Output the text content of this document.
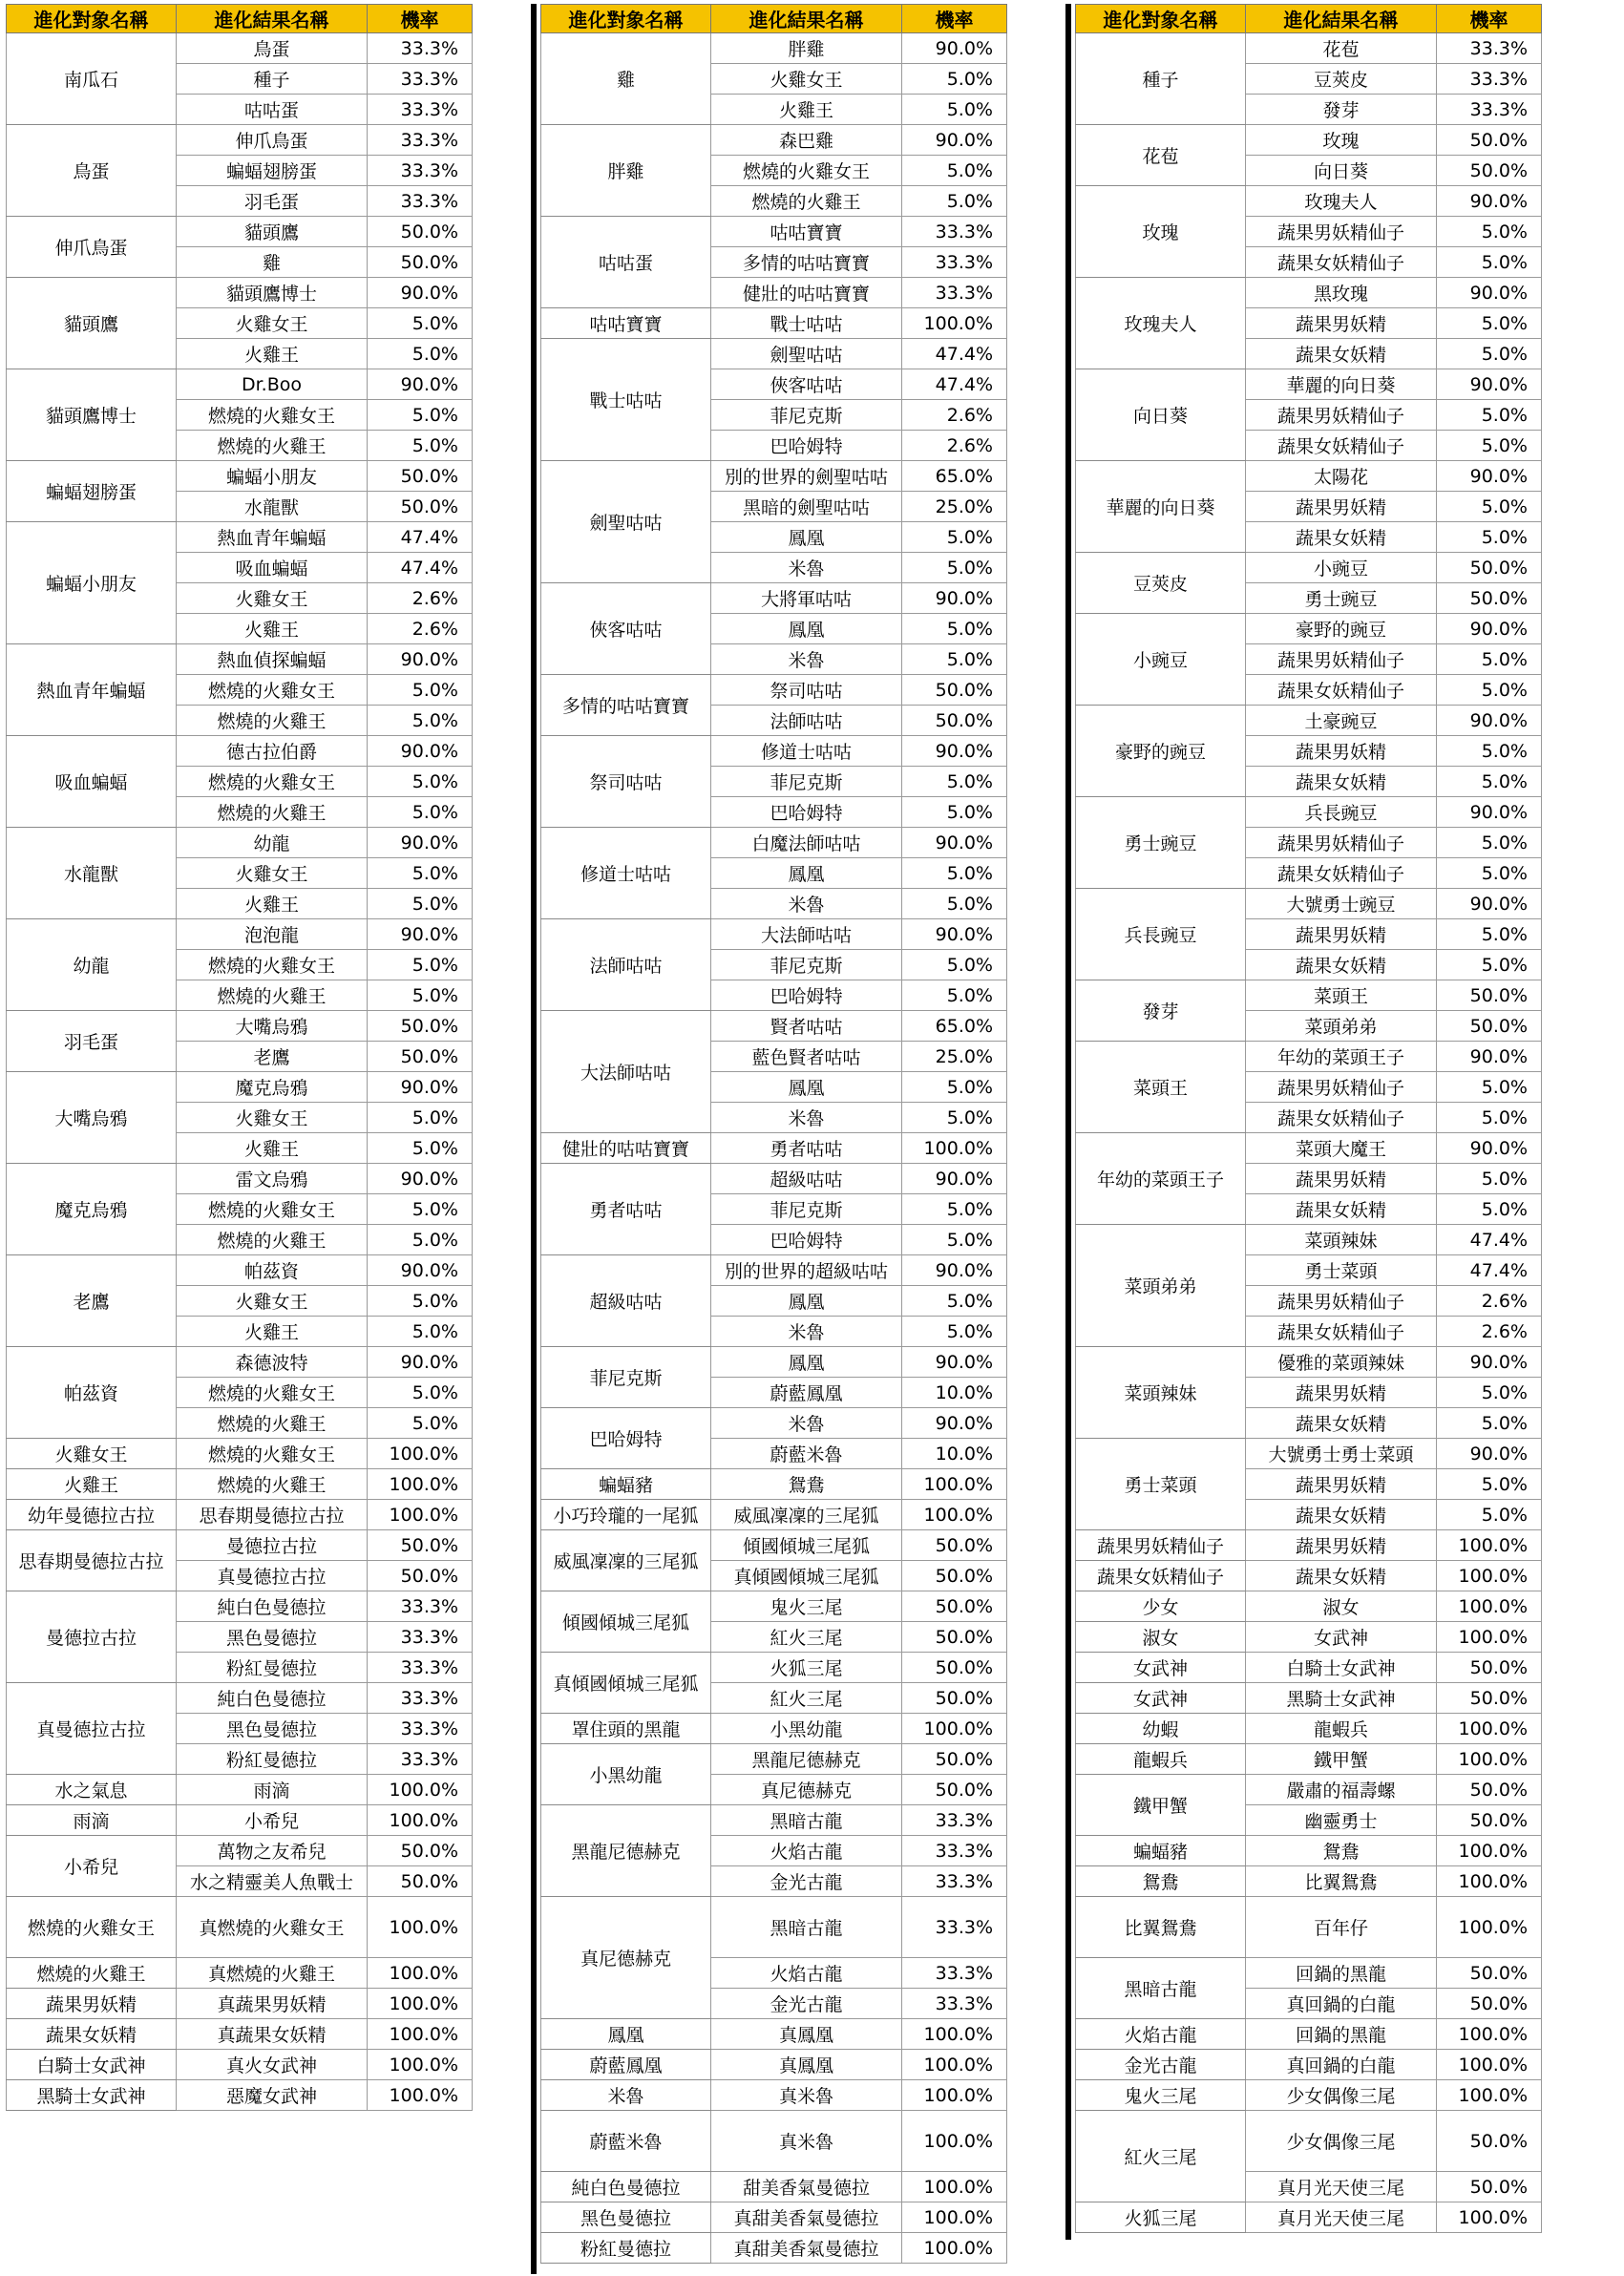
進化對象名稱	進化結果名稱	機率
南瓜石	鳥蛋	33.3%
	種子	33.3%
	咕咕蛋	33.3%
鳥蛋	伸爪鳥蛋	33.3%
	蝙蝠翅膀蛋	33.3%
	羽毛蛋	33.3%
伸爪鳥蛋	貓頭鷹	50.0%
	雞	50.0%
貓頭鷹	貓頭鷹博士	90.0%
	火雞女王	5.0%
	火雞王	5.0%
貓頭鷹博士	Dr.Boo	90.0%
	燃燒的火雞女王	5.0%
	燃燒的火雞王	5.0%
蝙蝠翅膀蛋	蝙蝠小朋友	50.0%
	水龍獸	50.0%
蝙蝠小朋友	熱血青年蝙蝠	47.4%
	吸血蝙蝠	47.4%
	火雞女王	2.6%
	火雞王	2.6%
熱血青年蝙蝠	熱血偵探蝙蝠	90.0%
	燃燒的火雞女王	5.0%
	燃燒的火雞王	5.0%
吸血蝙蝠	德古拉伯爵	90.0%
	燃燒的火雞女王	5.0%
	燃燒的火雞王	5.0%
水龍獸	幼龍	90.0%
	火雞女王	5.0%
	火雞王	5.0%
幼龍	泡泡龍	90.0%
	燃燒的火雞女王	5.0%
	燃燒的火雞王	5.0%
羽毛蛋	大嘴烏鴉	50.0%
	老鷹	50.0%
大嘴烏鴉	魔克烏鴉	90.0%
	火雞女王	5.0%
	火雞王	5.0%
魔克烏鴉	雷文烏鴉	90.0%
	燃燒的火雞女王	5.0%
	燃燒的火雞王	5.0%
老鷹	帕茲資	90.0%
	火雞女王	5.0%
	火雞王	5.0%
帕茲資	森德波特	90.0%
	燃燒的火雞女王	5.0%
	燃燒的火雞王	5.0%
火雞女王	燃燒的火雞女王	100.0%
火雞王	燃燒的火雞王	100.0%
幼年曼德拉古拉	思春期曼德拉古拉	100.0%
思春期曼德拉古拉	曼德拉古拉	50.0%
	真曼德拉古拉	50.0%
曼德拉古拉	純白色曼德拉	33.3%
	黑色曼德拉	33.3%
	粉紅曼德拉	33.3%
真曼德拉古拉	純白色曼德拉	33.3%
	黑色曼德拉	33.3%
	粉紅曼德拉	33.3%
水之氣息	雨滴	100.0%
雨滴	小希兒	100.0%
小希兒	萬物之友希兒	50.0%
	水之精靈美人魚戰士	50.0%
燃燒的火雞女王	真燃燒的火雞女王	100.0%
燃燒的火雞王	真燃燒的火雞王	100.0%
蔬果男妖精	真蔬果男妖精	100.0%
蔬果女妖精	真蔬果女妖精	100.0%
白騎士女武神	真火女武神	100.0%
黑騎士女武神	惡魔女武神	100.0%
進化對象名稱	進化結果名稱	機率
雞	胖雞	90.0%
	火雞女王	5.0%
	火雞王	5.0%
胖雞	森巴雞	90.0%
	燃燒的火雞女王	5.0%
	燃燒的火雞王	5.0%
咕咕蛋	咕咕寶寶	33.3%
	多情的咕咕寶寶	33.3%
	健壯的咕咕寶寶	33.3%
咕咕寶寶	戰士咕咕	100.0%
戰士咕咕	劍聖咕咕	47.4%
	俠客咕咕	47.4%
	菲尼克斯	2.6%
	巴哈姆特	2.6%
劍聖咕咕	別的世界的劍聖咕咕	65.0%
	黑暗的劍聖咕咕	25.0%
	鳳凰	5.0%
	米魯	5.0%
俠客咕咕	大將軍咕咕	90.0%
	鳳凰	5.0%
	米魯	5.0%
多情的咕咕寶寶	祭司咕咕	50.0%
	法師咕咕	50.0%
祭司咕咕	修道士咕咕	90.0%
	菲尼克斯	5.0%
	巴哈姆特	5.0%
修道士咕咕	白魔法師咕咕	90.0%
	鳳凰	5.0%
	米魯	5.0%
法師咕咕	大法師咕咕	90.0%
	菲尼克斯	5.0%
	巴哈姆特	5.0%
大法師咕咕	賢者咕咕	65.0%
	藍色賢者咕咕	25.0%
	鳳凰	5.0%
	米魯	5.0%
健壯的咕咕寶寶	勇者咕咕	100.0%
勇者咕咕	超級咕咕	90.0%
	菲尼克斯	5.0%
	巴哈姆特	5.0%
超級咕咕	別的世界的超級咕咕	90.0%
	鳳凰	5.0%
	米魯	5.0%
菲尼克斯	鳳凰	90.0%
	蔚藍鳳凰	10.0%
巴哈姆特	米魯	90.0%
	蔚藍米魯	10.0%
蝙蝠豬	鴛鴦	100.0%
小巧玲瓏的一尾狐	威風凜凜的三尾狐	100.0%
威風凜凜的三尾狐	傾國傾城三尾狐	50.0%
	真傾國傾城三尾狐	50.0%
傾國傾城三尾狐	鬼火三尾	50.0%
	紅火三尾	50.0%
真傾國傾城三尾狐	火狐三尾	50.0%
	紅火三尾	50.0%
罩住頭的黑龍	小黑幼龍	100.0%
小黑幼龍	黑龍尼德赫克	50.0%
	真尼德赫克	50.0%
黑龍尼德赫克	黑暗古龍	33.3%
	火焰古龍	33.3%
	金光古龍	33.3%
真尼德赫克	黑暗古龍	33.3%
	火焰古龍	33.3%
	金光古龍	33.3%
鳳凰	真鳳凰	100.0%
蔚藍鳳凰	真鳳凰	100.0%
米魯	真米魯	100.0%
蔚藍米魯	真米魯	100.0%
純白色曼德拉	甜美香氣曼德拉	100.0%
黑色曼德拉	真甜美香氣曼德拉	100.0%
粉紅曼德拉	真甜美香氣曼德拉	100.0%
進化對象名稱	進化結果名稱	機率
種子	花苞	33.3%
	豆莢皮	33.3%
	發芽	33.3%
花苞	玫瑰	50.0%
	向日葵	50.0%
玫瑰	玫瑰夫人	90.0%
	蔬果男妖精仙子	5.0%
	蔬果女妖精仙子	5.0%
玫瑰夫人	黑玫瑰	90.0%
	蔬果男妖精	5.0%
	蔬果女妖精	5.0%
向日葵	華麗的向日葵	90.0%
	蔬果男妖精仙子	5.0%
	蔬果女妖精仙子	5.0%
華麗的向日葵	太陽花	90.0%
	蔬果男妖精	5.0%
	蔬果女妖精	5.0%
豆莢皮	小豌豆	50.0%
	勇士豌豆	50.0%
小豌豆	豪野的豌豆	90.0%
	蔬果男妖精仙子	5.0%
	蔬果女妖精仙子	5.0%
豪野的豌豆	土豪豌豆	90.0%
	蔬果男妖精	5.0%
	蔬果女妖精	5.0%
勇士豌豆	兵長豌豆	90.0%
	蔬果男妖精仙子	5.0%
	蔬果女妖精仙子	5.0%
兵長豌豆	大號勇士豌豆	90.0%
	蔬果男妖精	5.0%
	蔬果女妖精	5.0%
發芽	菜頭王	50.0%
	菜頭弟弟	50.0%
菜頭王	年幼的菜頭王子	90.0%
	蔬果男妖精仙子	5.0%
	蔬果女妖精仙子	5.0%
年幼的菜頭王子	菜頭大魔王	90.0%
	蔬果男妖精	5.0%
	蔬果女妖精	5.0%
菜頭弟弟	菜頭辣妹	47.4%
	勇士菜頭	47.4%
	蔬果男妖精仙子	2.6%
	蔬果女妖精仙子	2.6%
菜頭辣妹	優雅的菜頭辣妹	90.0%
	蔬果男妖精	5.0%
	蔬果女妖精	5.0%
勇士菜頭	大號勇士勇士菜頭	90.0%
	蔬果男妖精	5.0%
	蔬果女妖精	5.0%
蔬果男妖精仙子	蔬果男妖精	100.0%
蔬果女妖精仙子	蔬果女妖精	100.0%
少女	淑女	100.0%
淑女	女武神	100.0%
女武神	白騎士女武神	50.0%
女武神	黑騎士女武神	50.0%
幼蝦	龍蝦兵	100.0%
龍蝦兵	鐵甲蟹	100.0%
鐵甲蟹	嚴肅的福壽螺	50.0%
	幽靈勇士	50.0%
蝙蝠豬	鴛鴦	100.0%
鴛鴦	比翼鴛鴦	100.0%
比翼鴛鴦	百年仔	100.0%
黑暗古龍	回鍋的黑龍	50.0%
	真回鍋的白龍	50.0%
火焰古龍	回鍋的黑龍	100.0%
金光古龍	真回鍋的白龍	100.0%
鬼火三尾	少女偶像三尾	100.0%
紅火三尾	少女偶像三尾	50.0%
	真月光天使三尾	50.0%
火狐三尾	真月光天使三尾	100.0%
